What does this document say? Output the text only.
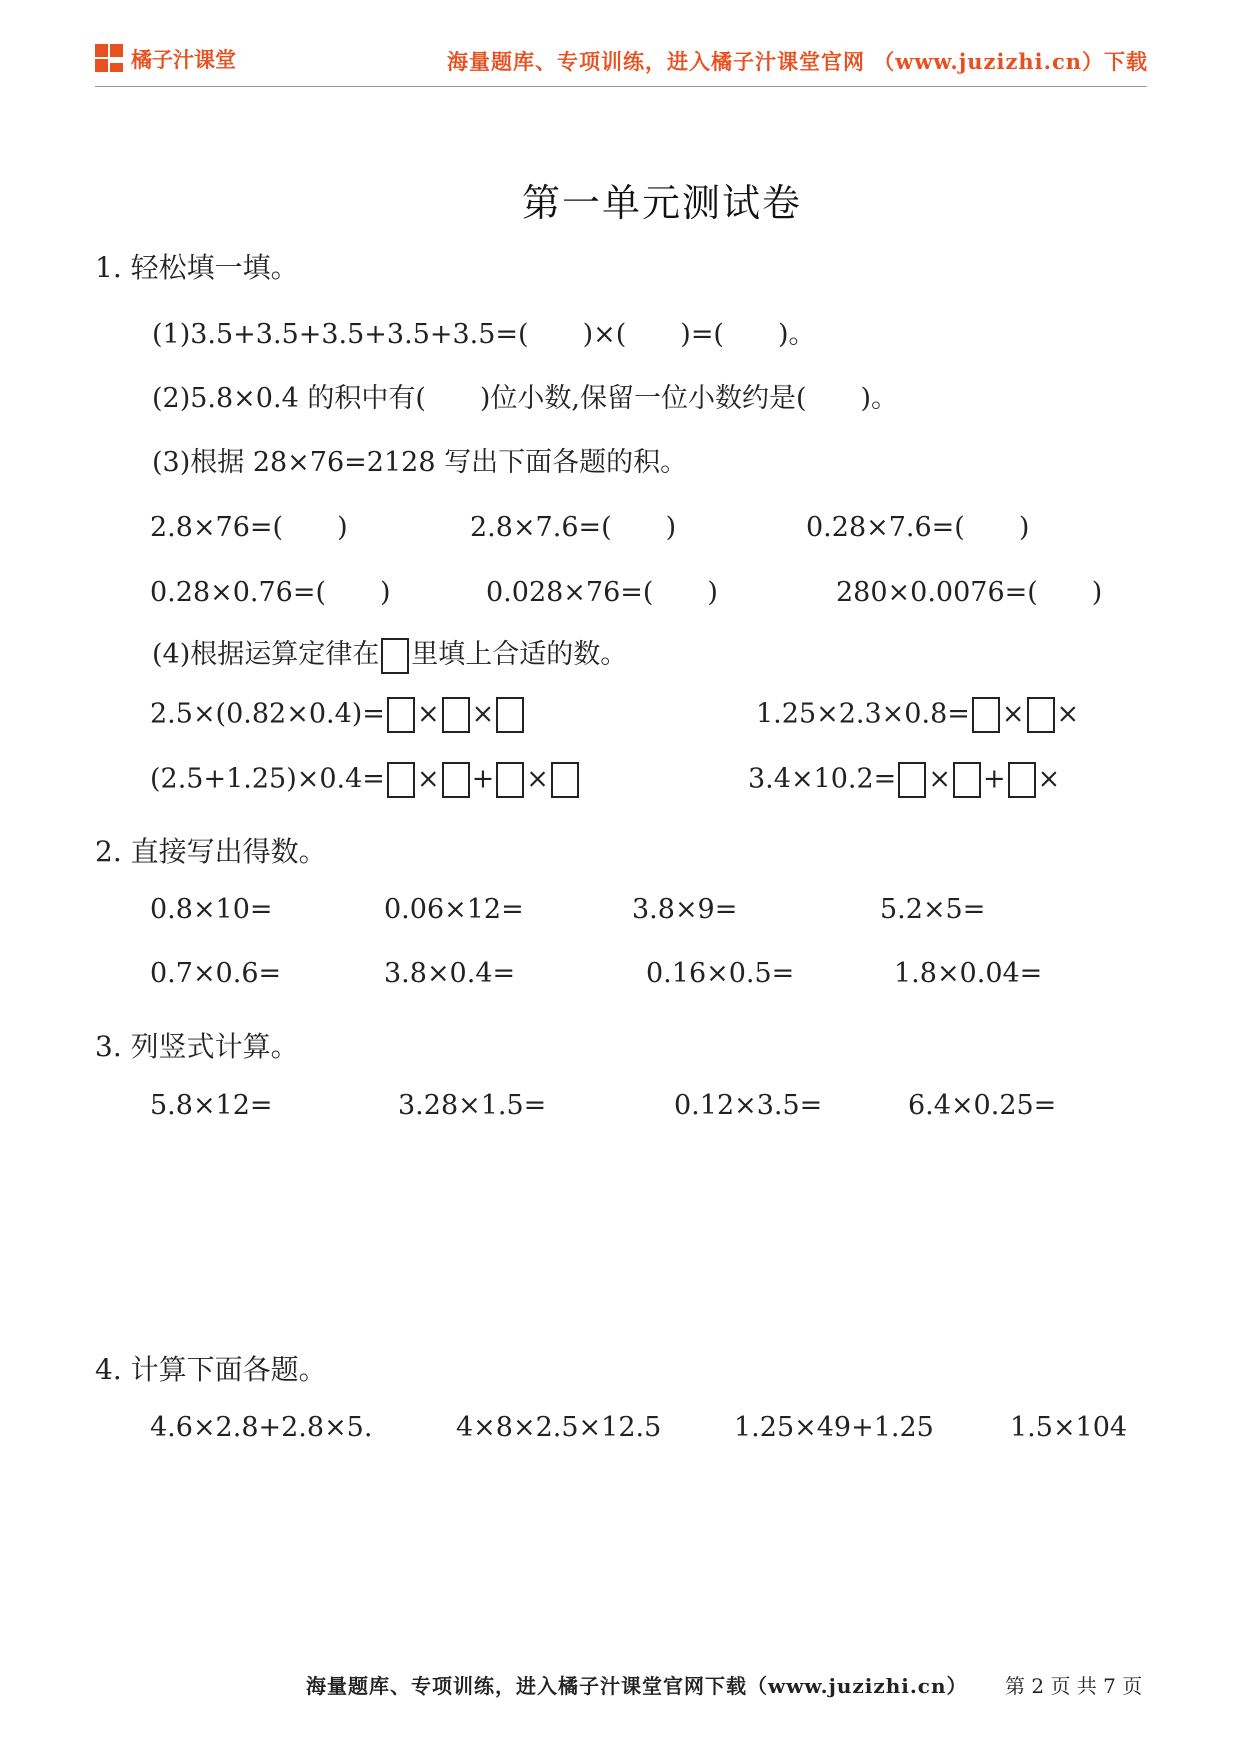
橘子汁课堂	海量题库、专项训练，进入橘子汁课堂官网 （www.juzizhi.cn）下载
第一单元测试卷
1. 轻松填一填。
(1)3.5+3.5+3.5+3.5+3.5=(　　)×(　　)=(　　)。
(2)5.8×0.4 的积中有(　　)位小数,保留一位小数约是(　　)。
(3)根据 28×76=2128 写出下面各题的积。
2.8×76=(　　)	2.8×7.6=(　　)	0.28×7.6=(　　)
0.28×0.76=(　　)	0.028×76=(　　)	280×0.0076=(　　)
(4)根据运算定律在 里填上合适的数。
2.5×(0.82×0.4)= × ×	1.25×2.3×0.8= × ×
(2.5+1.25)×0.4= × + ×	3.4×10.2= × + ×
2. 直接写出得数。
0.8×10=	0.06×12=	3.8×9=	5.2×5=
0.7×0.6=	3.8×0.4=	0.16×0.5=	1.8×0.04=
3. 列竖式计算。
5.8×12=	3.28×1.5=	0.12×3.5=	6.4×0.25=
4. 计算下面各题。
4.6×2.8+2.8×5.	4×8×2.5×12.5	1.25×49+1.25	1.5×104
海量题库、专项训练，进入橘子汁课堂官网下载（www.juzizhi.cn） 第 2 页 共 7 页
